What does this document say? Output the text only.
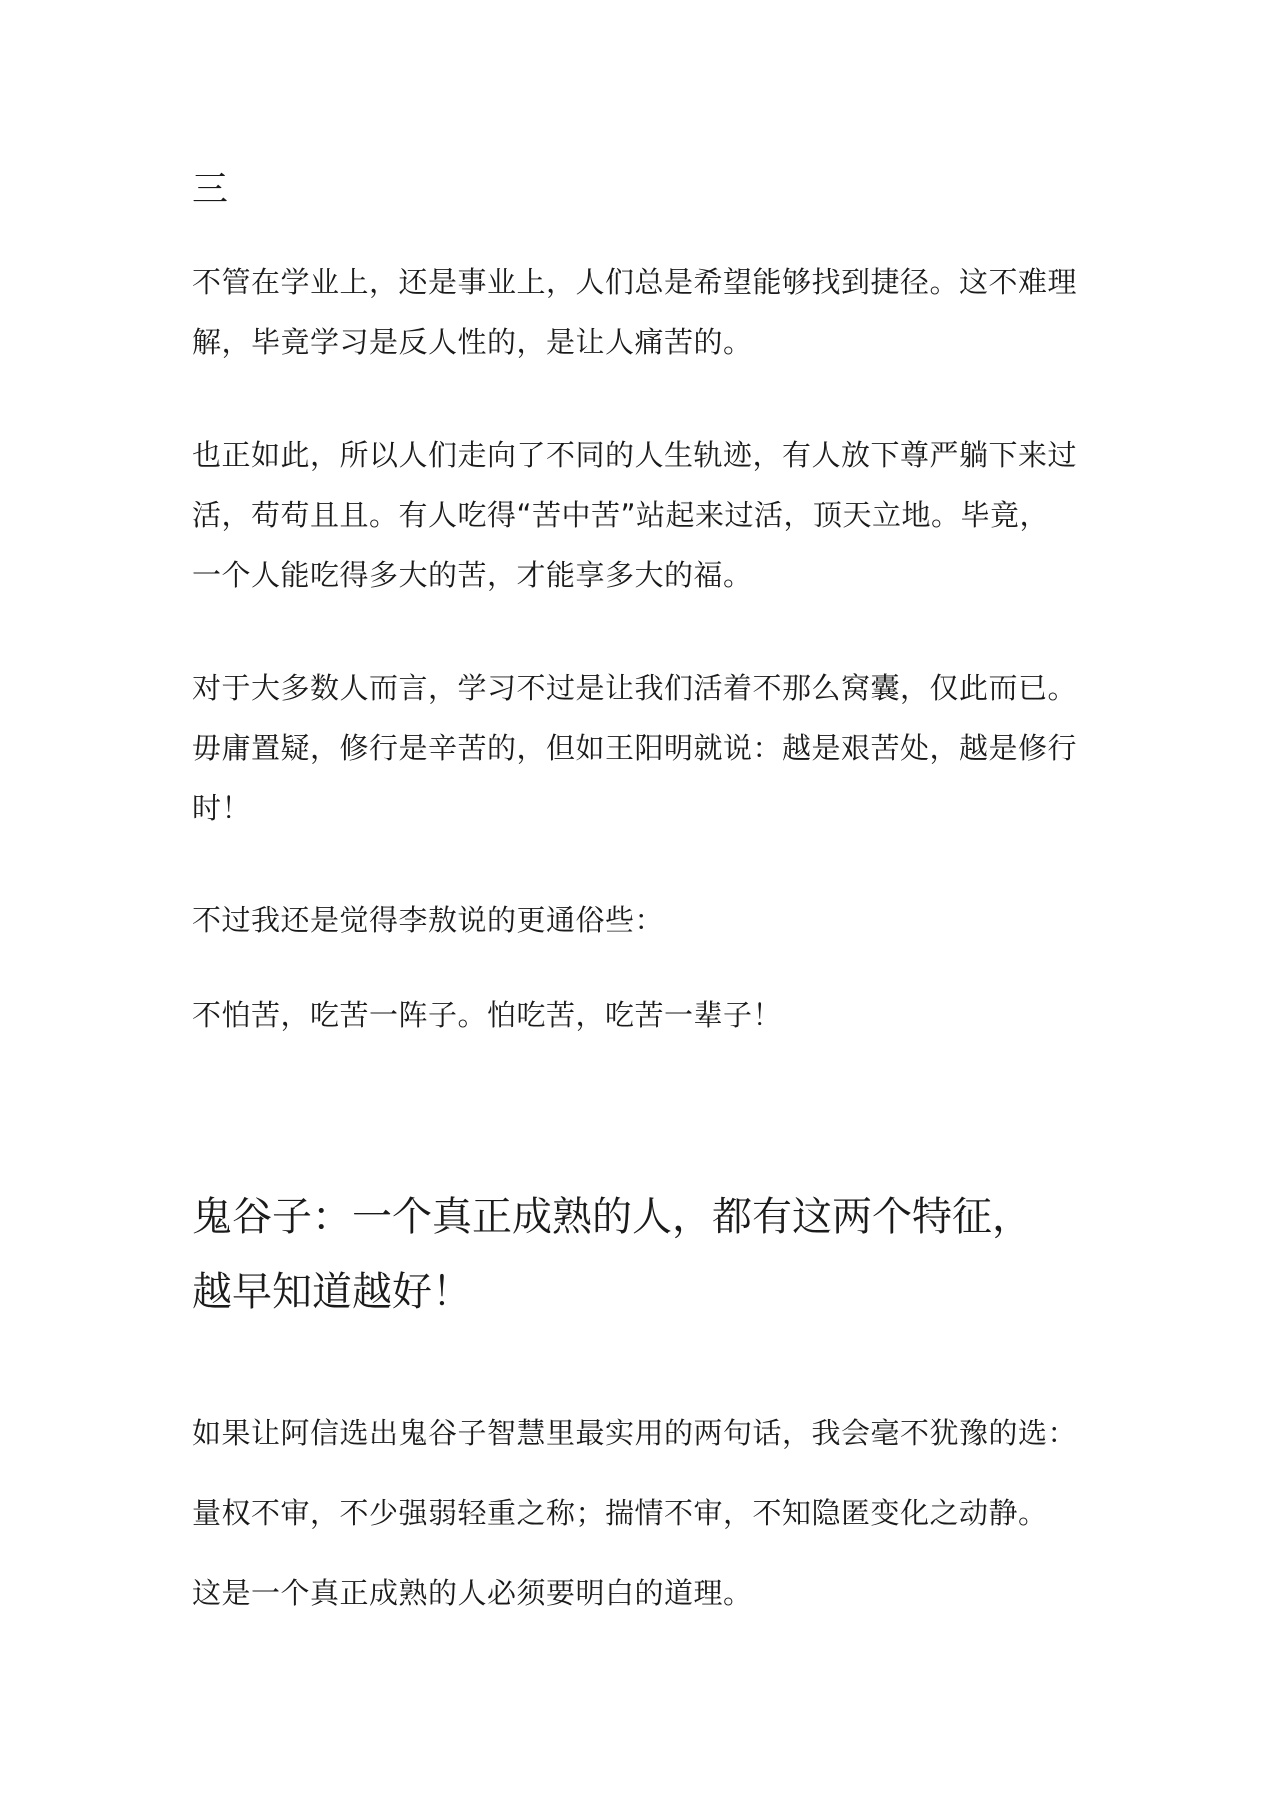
三

不管在学业上，还是事业上，人们总是希望能够找到捷径。这不难理
解，毕竟学习是反人性的，是让人痛苦的。

也正如此，所以人们走向了不同的人生轨迹，有人放下尊严躺下来过
活，苟苟且且。有人吃得“苦中苦”站起来过活，顶天立地。毕竟，
一个人能吃得多大的苦，才能享多大的福。

对于大多数人而言，学习不过是让我们活着不那么窝囊，仅此而已。
毋庸置疑，修行是辛苦的，但如王阳明就说：越是艰苦处，越是修行
时！

不过我还是觉得李敖说的更通俗些：

不怕苦，吃苦一阵子。怕吃苦，吃苦一辈子！

鬼谷子：一个真正成熟的人，都有这两个特征，
越早知道越好！

如果让阿信选出鬼谷子智慧里最实用的两句话，我会毫不犹豫的选：

量权不审，不少强弱轻重之称；揣情不审，不知隐匿变化之动静。

这是一个真正成熟的人必须要明白的道理。
